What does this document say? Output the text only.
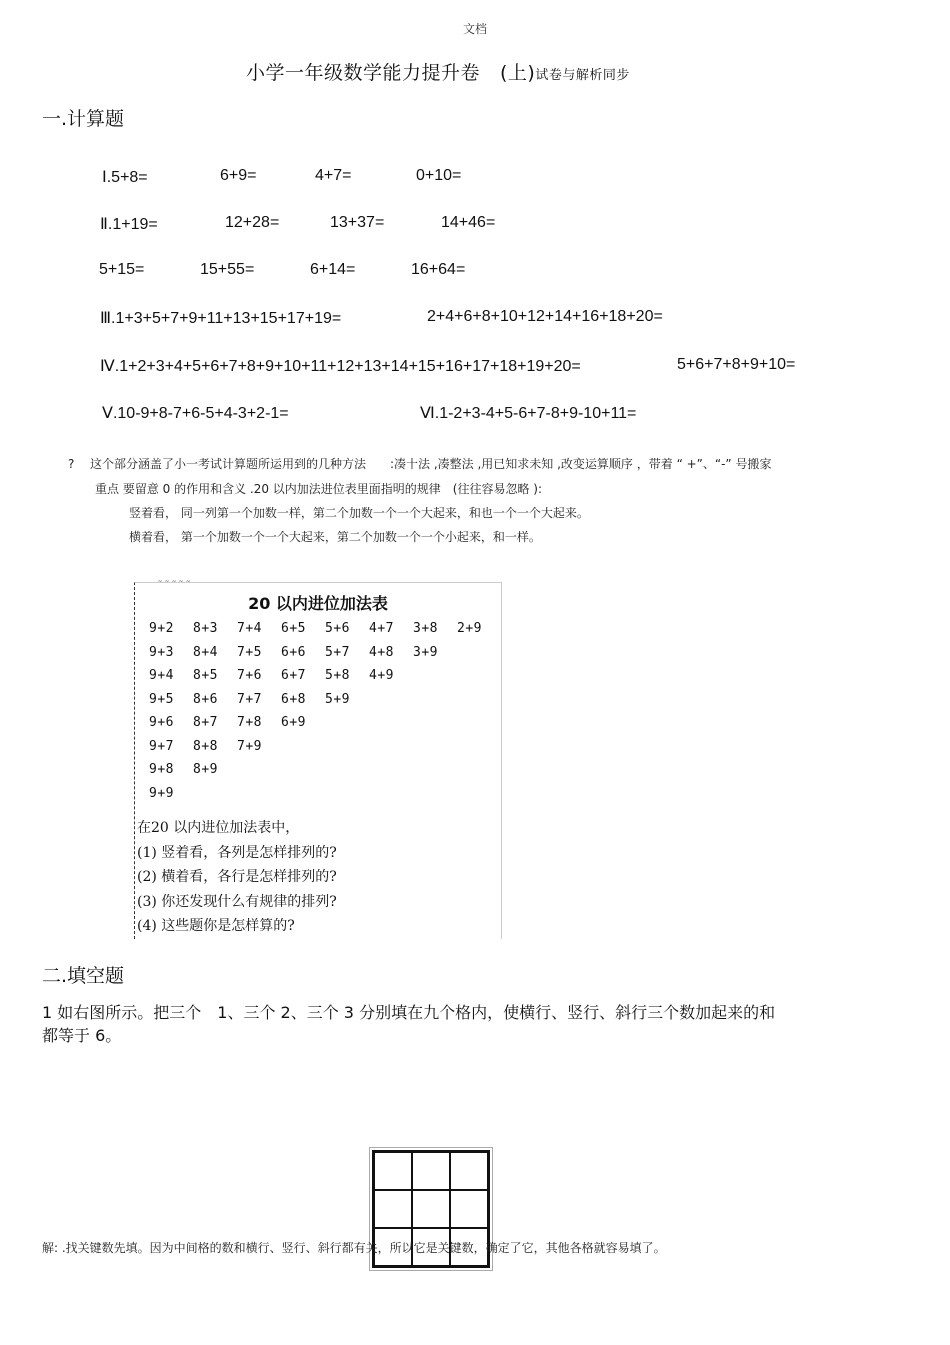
文档
小学一年级数学能力提升卷 (上)试卷与解析同步
一.计算题
Ⅰ.5+8=	6+9=	4+7=	0+10=
Ⅱ.1+19=	12+28=	13+37=	14+46=
5+15=	15+55=	6+14=	16+64=
Ⅲ.1+3+5+7+9+11+13+15+17+19=	2+4+6+8+10+12+14+16+18+20=
Ⅳ.1+2+3+4+5+6+7+8+9+10+11+12+13+14+15+16+17+18+19+20=	5+6+7+8+9+10=
Ⅴ.10-9+8-7+6-5+4-3+2-1=	Ⅵ.1-2+3-4+5-6+7-8+9-10+11=
? 这个部分涵盖了小一考试计算题所运用到的几种方法　　:凑十法 ,凑整法 ,用已知求未知 ,改变运算顺序 ，带着 “ +”、“-” 号搬家
重点 要留意 0 的作用和含义 .20 以内加法进位表里面指明的规律　(往往容易忽略 ):
竖着看， 同一列第一个加数一样，第二个加数一个一个大起来，和也一个一个大起来。
横着看， 第一个加数一个一个大起来，第二个加数一个一个小起来，和一样。
˜˜˜˜˜
20 以内进位加法表
9+2 8+3 7+4 6+5 5+6 4+7 3+8 2+9
9+3 8+4 7+5 6+6 5+7 4+8 3+9
9+4 8+5 7+6 6+7 5+8 4+9
9+5 8+6 7+7 6+8 5+9
9+6 8+7 7+8 6+9
9+7 8+8 7+9
9+8 8+9
9+9
在20 以内进位加法表中，
(1) 竖着看，各列是怎样排列的?
(2) 横着看，各行是怎样排列的?
(3) 你还发现什么有规律的排列?
(4) 这些题你是怎样算的?
二.填空题
1 如右图所示。把三个　1、三个 2、三个 3 分别填在九个格内，使横行、竖行、斜行三个数加起来的和
都等于 6。
解: .找关键数先填。因为中间格的数和横行、竖行、斜行都有关，所以它是关键数，确定了它，其他各格就容易填了。
